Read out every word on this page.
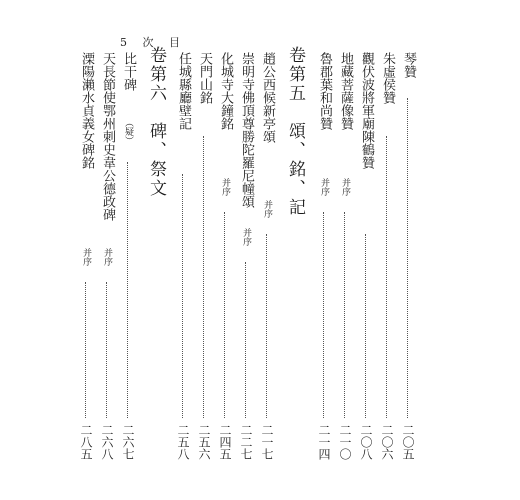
5 次 目
琴贊
二〇五
朱虛侯贊
二〇六
觀伏波將軍廟陳鶴贊
二〇八
地藏菩薩像贊
并序
二一〇
魯郡葉和尚贊
并序
二一四
卷第五　頌、銘、記
趙公西候新亭頌
并序
二一七
崇明寺佛頂尊勝陀羅尼幢頌
并序
二二七
化城寺大鐘銘
并序
二四五
天門山銘
二五六
任城縣廳壁記
二五八
卷第六　碑、祭文
比干碑
（疑）
二六七
天長節使鄂州刺史韋公德政碑
并序
二六八
溧陽瀨水貞義女碑銘
并序
二八五
